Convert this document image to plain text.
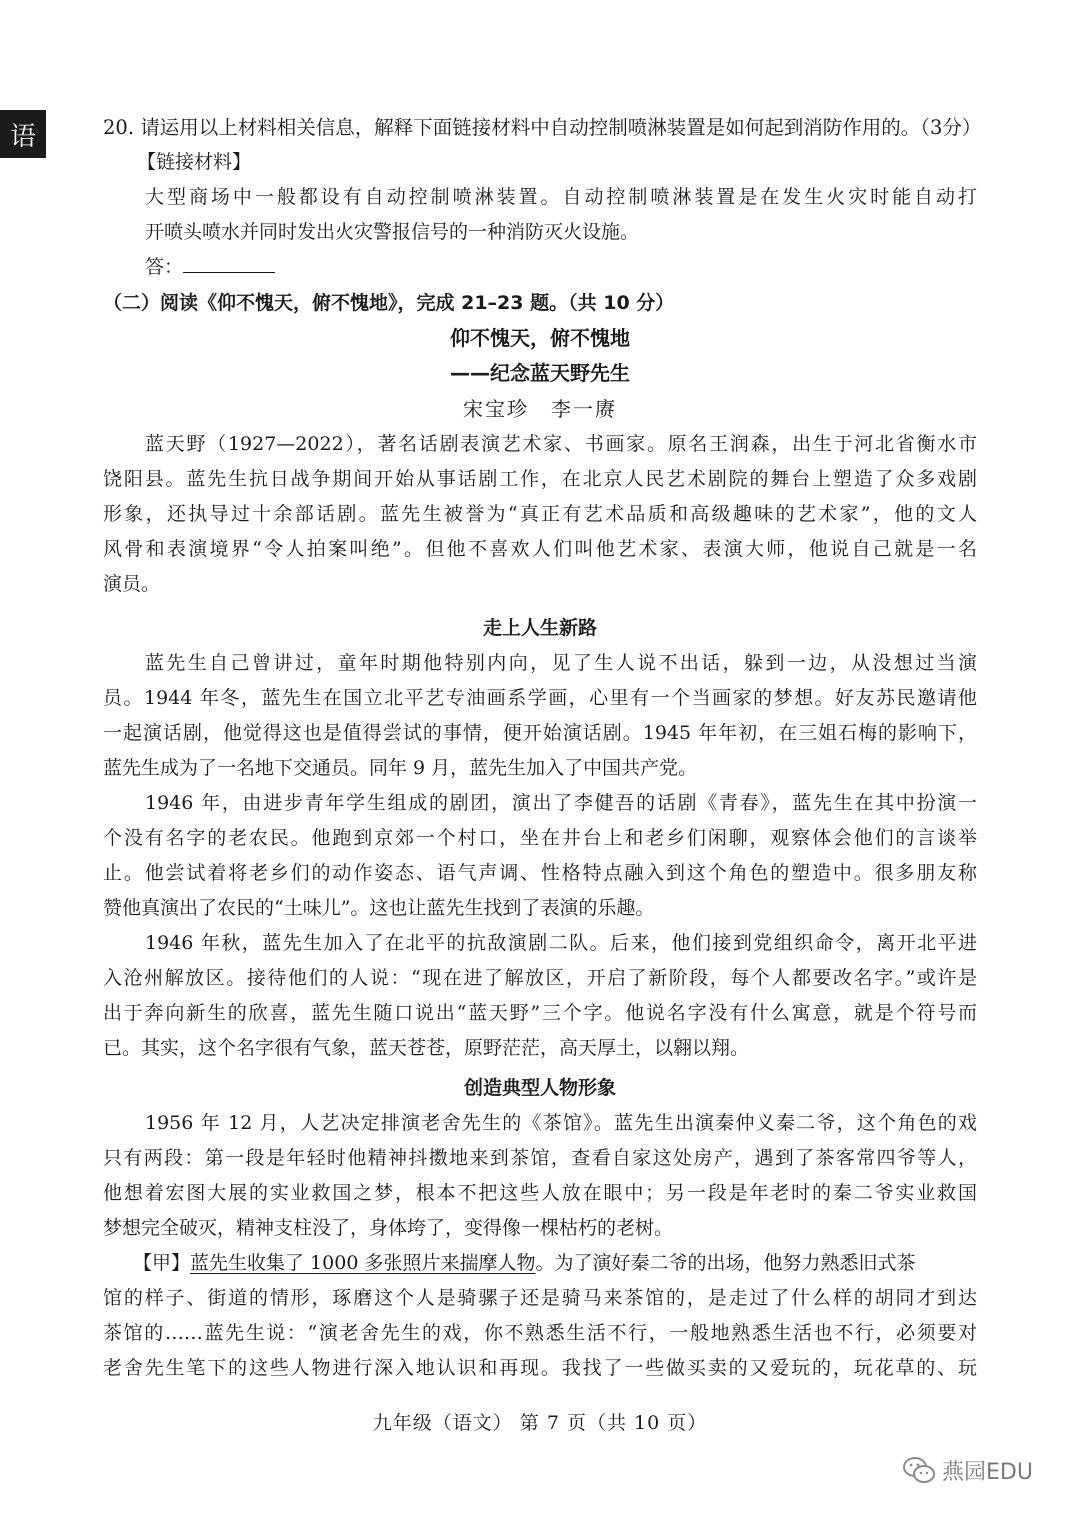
语	20. 请运用以上材料相关信息，解释下面链接材料中自动控制喷淋装置是如何起到消防作用的。（3分）
【链接材料】
大型商场中一般都设有自动控制喷淋装置。自动控制喷淋装置是在发生火灾时能自动打
开喷头喷水并同时发出火灾警报信号的一种消防灭火设施。
答：
（二）阅读《仰不愧天，俯不愧地》，完成 21–23 题。（共 10 分）
仰不愧天，俯不愧地
——纪念蓝天野先生
宋宝珍　李一赓
蓝天野（1927—2022），著名话剧表演艺术家、书画家。原名王润森，出生于河北省衡水市
饶阳县。蓝先生抗日战争期间开始从事话剧工作，在北京人民艺术剧院的舞台上塑造了众多戏剧
形象，还执导过十余部话剧。蓝先生被誉为“真正有艺术品质和高级趣味的艺术家”，他的文人
风骨和表演境界“令人拍案叫绝”。但他不喜欢人们叫他艺术家、表演大师，他说自己就是一名
演员。
走上人生新路
蓝先生自己曾讲过，童年时期他特别内向，见了生人说不出话，躲到一边，从没想过当演
员。1944 年冬，蓝先生在国立北平艺专油画系学画，心里有一个当画家的梦想。好友苏民邀请他
一起演话剧，他觉得这也是值得尝试的事情，便开始演话剧。1945 年年初，在三姐石梅的影响下，
蓝先生成为了一名地下交通员。同年 9 月，蓝先生加入了中国共产党。
1946 年，由进步青年学生组成的剧团，演出了李健吾的话剧《青春》，蓝先生在其中扮演一
个没有名字的老农民。他跑到京郊一个村口，坐在井台上和老乡们闲聊，观察体会他们的言谈举
止。他尝试着将老乡们的动作姿态、语气声调、性格特点融入到这个角色的塑造中。很多朋友称
赞他真演出了农民的“土味儿”。这也让蓝先生找到了表演的乐趣。
1946 年秋，蓝先生加入了在北平的抗敌演剧二队。后来，他们接到党组织命令，离开北平进
入沧州解放区。接待他们的人说：“现在进了解放区，开启了新阶段，每个人都要改名字。”或许是
出于奔向新生的欣喜，蓝先生随口说出“蓝天野”三个字。他说名字没有什么寓意，就是个符号而
已。其实，这个名字很有气象，蓝天苍苍，原野茫茫，高天厚土，以翱以翔。
创造典型人物形象
1956 年 12 月，人艺决定排演老舍先生的《茶馆》。蓝先生出演秦仲义秦二爷，这个角色的戏
只有两段：第一段是年轻时他精神抖擞地来到茶馆，查看自家这处房产，遇到了茶客常四爷等人，
他想着宏图大展的实业救国之梦，根本不把这些人放在眼中；另一段是年老时的秦二爷实业救国
梦想完全破灭，精神支柱没了，身体垮了，变得像一棵枯朽的老树。
【甲】蓝先生收集了 1000 多张照片来揣摩人物。为了演好秦二爷的出场，他努力熟悉旧式茶
馆的样子、街道的情形，琢磨这个人是骑骡子还是骑马来茶馆的，是走过了什么样的胡同才到达
茶馆的……蓝先生说：“演老舍先生的戏，你不熟悉生活不行，一般地熟悉生活也不行，必须要对
老舍先生笔下的这些人物进行深入地认识和再现。我找了一些做买卖的又爱玩的，玩花草的、玩
九年级（语文） 第 7 页（共 10 页）
燕园EDU
